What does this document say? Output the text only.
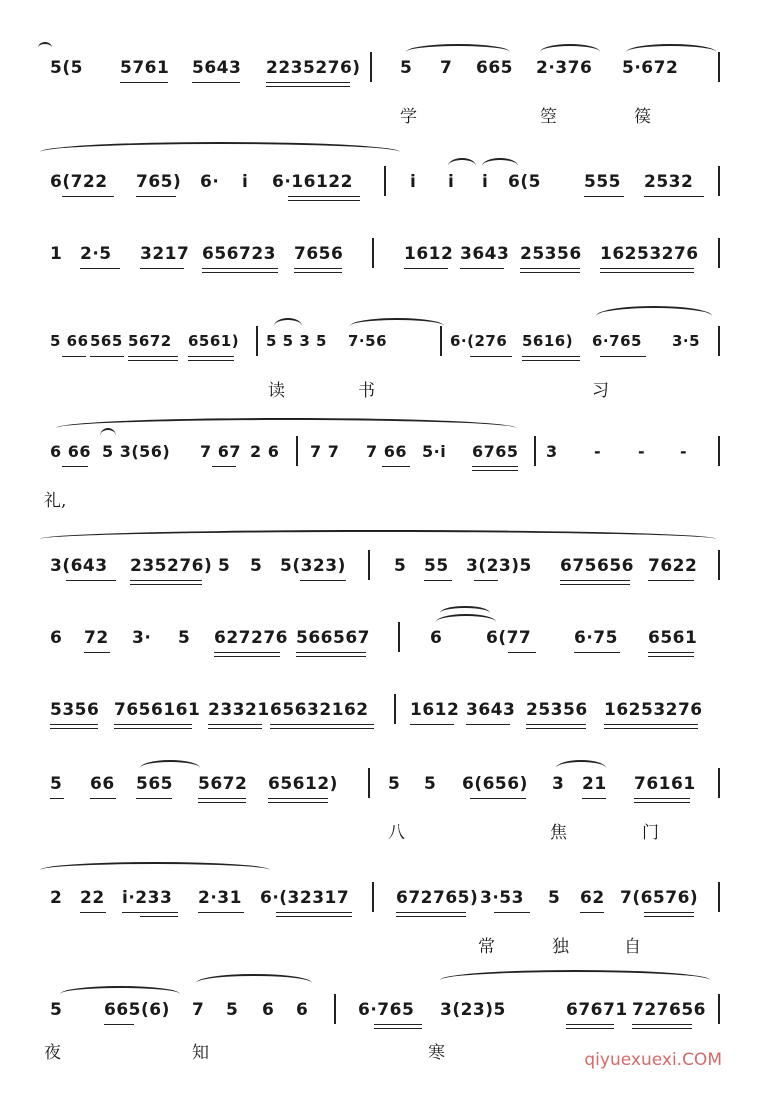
5(5 5761 5643 2235276) 5 7 665 2·376 5·672
学	箜	篌
6(722 765) 6· i 6·16122	i i i 6(5	555 2532
1 2·5 3217 656723 7656	1612 3643 25356 16253276
5 66 565 5672 6561) 5 5 3 5 7·56	6·(276 5616) 6·765 3·5
读	书	习
6 66 5 3(56) 7 67 2 6 7 7 7 66 5·i 6765 3 - - -
礼,
3(643 235276) 5 5 5(323)	5 55 3(23)5 675656 7622
6 72 3· 5 627276 566567	6	6(77	6·75 6561
5356 7656161 23321 65632162 1612 3643 25356 16253276
5 66 565 5672 65612)	5 5 6(656) 3 21 76161
八	焦	门
2 22 i·233 2·31 6·(32317	672765) 3·53 5 62 7(6576)
常	独	自
5 665(6) 7 5 6 6	6·765 3(23)5	67671 727656
夜	知	寒	qiyuexuexi.COM
